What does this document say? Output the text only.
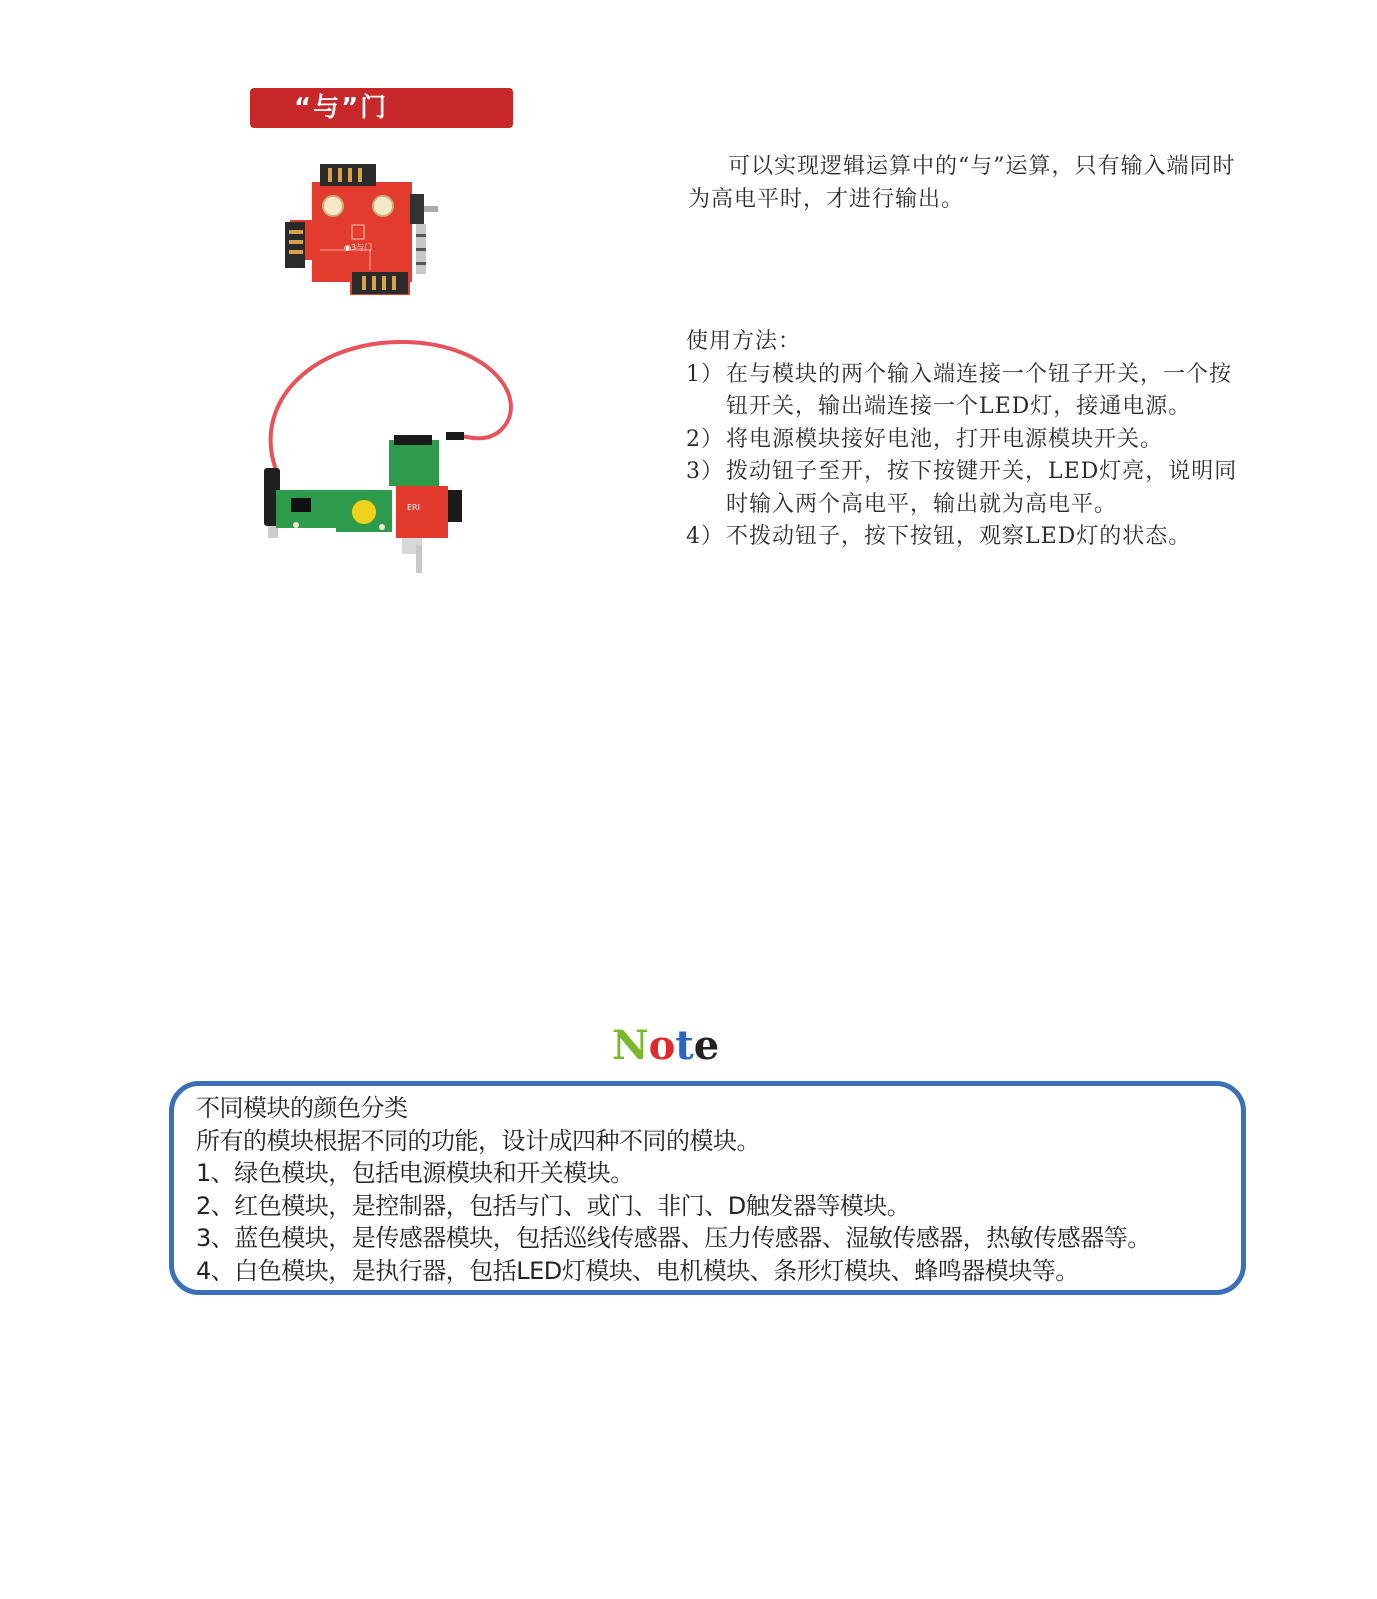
“与”门
◉3与门
ERI
可以实现逻辑运算中的“与”运算，只有输入端同时为高电平时，才进行输出。

使用方法：

1） 在与模块的两个输入端连接一个钮子开关，一个按钮开关，输出端连接一个LED灯，接通电源。
2） 将电源模块接好电池，打开电源模块开关。
3） 拨动钮子至开，按下按键开关，LED灯亮，说明同时输入两个高电平，输出就为高电平。
4） 不拨动钮子，按下按钮，观察LED灯的状态。
Note

不同模块的颜色分类

所有的模块根据不同的功能，设计成四种不同的模块。

1、绿色模块，包括电源模块和开关模块。

2、红色模块，是控制器，包括与门、或门、非门、D触发器等模块。

3、蓝色模块，是传感器模块，包括巡线传感器、压力传感器、湿敏传感器，热敏传感器等。

4、白色模块，是执行器，包括LED灯模块、电机模块、条形灯模块、蜂鸣器模块等。
